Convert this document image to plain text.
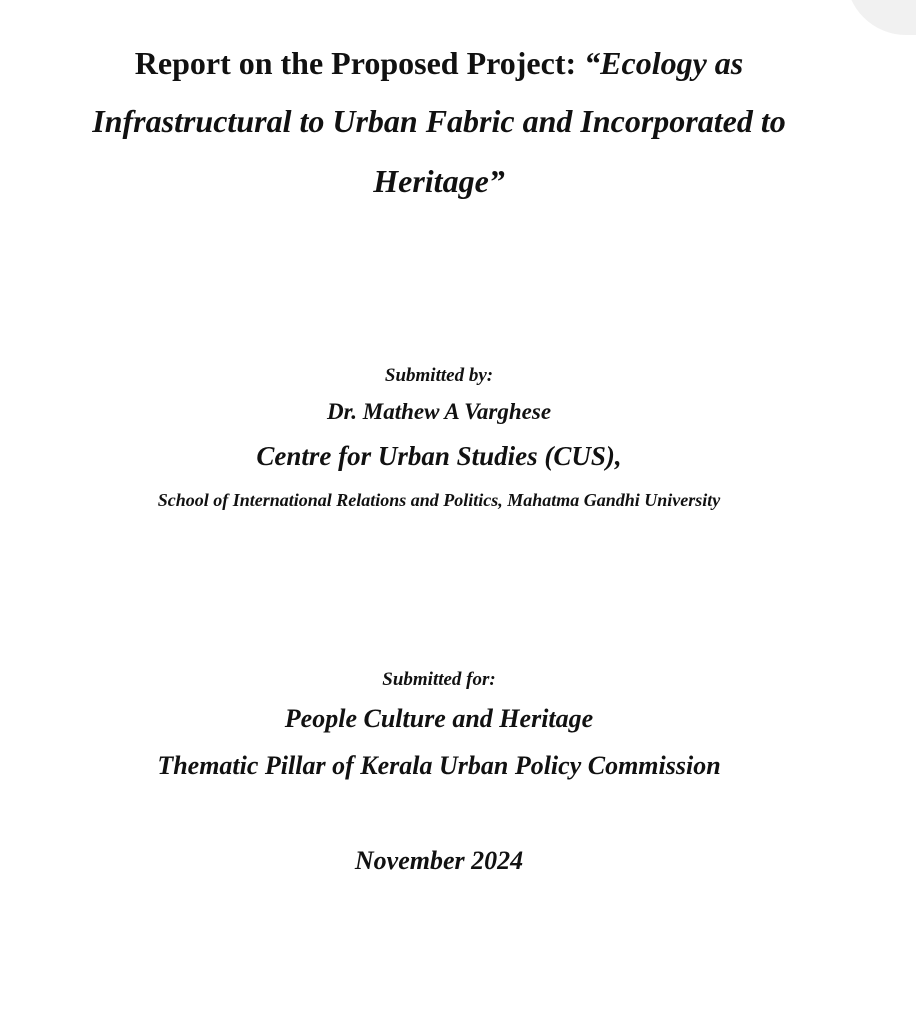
Report on the Proposed Project: “Ecology as
Infrastructural to Urban Fabric and Incorporated to
Heritage”
Submitted by:
Dr. Mathew A Varghese
Centre for Urban Studies (CUS),
School of International Relations and Politics, Mahatma Gandhi University
Submitted for:
People Culture and Heritage
Thematic Pillar of Kerala Urban Policy Commission
November 2024
